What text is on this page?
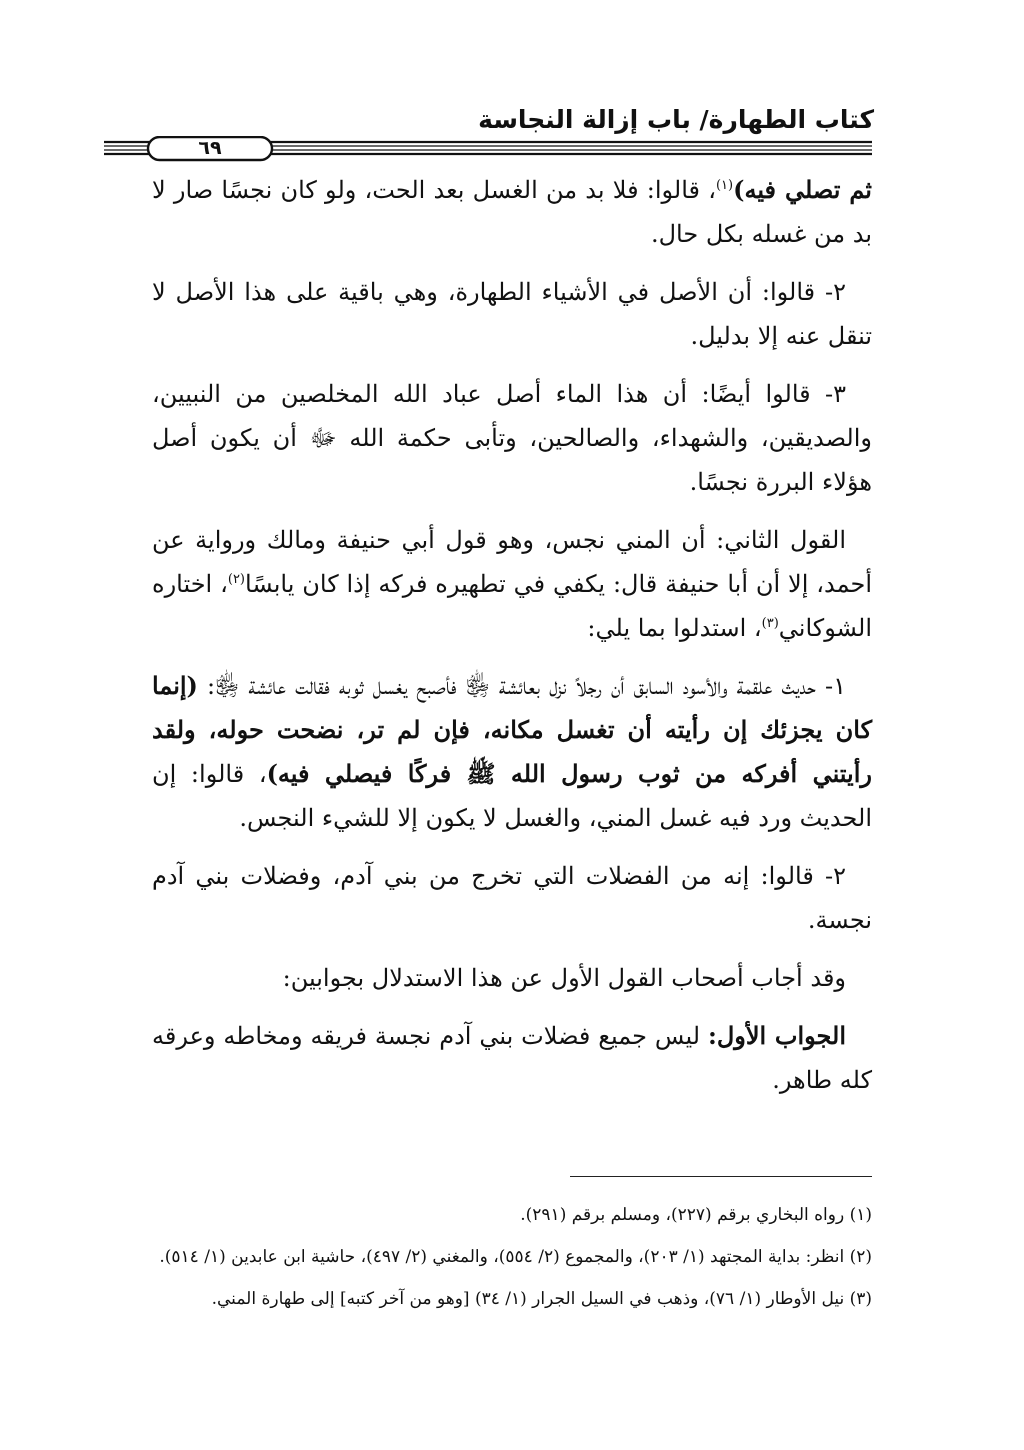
كتاب الطهارة/ باب إزالة النجاسة
٦٩

ثم تصلي فيه)$^{(١)}$، قالوا: فلا بد من الغسل بعد الحت، ولو كان نجسًا صار لا بد من غسله بكل حال.

٢- قالوا: أن الأصل في الأشياء الطهارة، وهي باقية على هذا الأصل لا تنقل عنه إلا بدليل.

٣- قالوا أيضًا: أن هذا الماء أصل عباد الله المخلصين من النبيين، والصديقين، والشهداء، والصالحين، وتأبى حكمة الله ﷻ أن يكون أصل هؤلاء البررة نجسًا.

القول الثاني: أن المني نجس، وهو قول أبي حنيفة ومالك ورواية عن أحمد، إلا أن أبا حنيفة قال: يكفي في تطهيره فركه إذا كان يابسًا$^{(٢)}$، اختاره الشوكاني$^{(٣)}$، استدلوا بما يلي:

١- حديث علقمة والأسود السابق أن رجلاً نزل بعائشة ﵂ فأصبح يغسل ثوبه فقالت عائشة ﵂: (إنما كان يجزئك إن رأيته أن تغسل مكانه، فإن لم تر، نضحت حوله، ولقد رأيتني أفركه من ثوب رسول الله ﷺ فركًا فيصلي فيه)، قالوا: إن الحديث ورد فيه غسل المني، والغسل لا يكون إلا للشيء النجس.

٢- قالوا: إنه من الفضلات التي تخرج من بني آدم، وفضلات بني آدم نجسة.

وقد أجاب أصحاب القول الأول عن هذا الاستدلال بجوابين:

الجواب الأول: ليس جميع فضلات بني آدم نجسة فريقه ومخاطه وعرقه كله طاهر.

(١) رواه البخاري برقم (٢٢٧)، ومسلم برقم (٢٩١).
(٢) انظر: بداية المجتهد (١/ ٢٠٣)، والمجموع (٢/ ٥٥٤)، والمغني (٢/ ٤٩٧)، حاشية ابن عابدين (١/ ٥١٤).
(٣) نيل الأوطار (١/ ٧٦)، وذهب في السيل الجرار (١/ ٣٤) [وهو من آخر كتبه] إلى طهارة المني.
